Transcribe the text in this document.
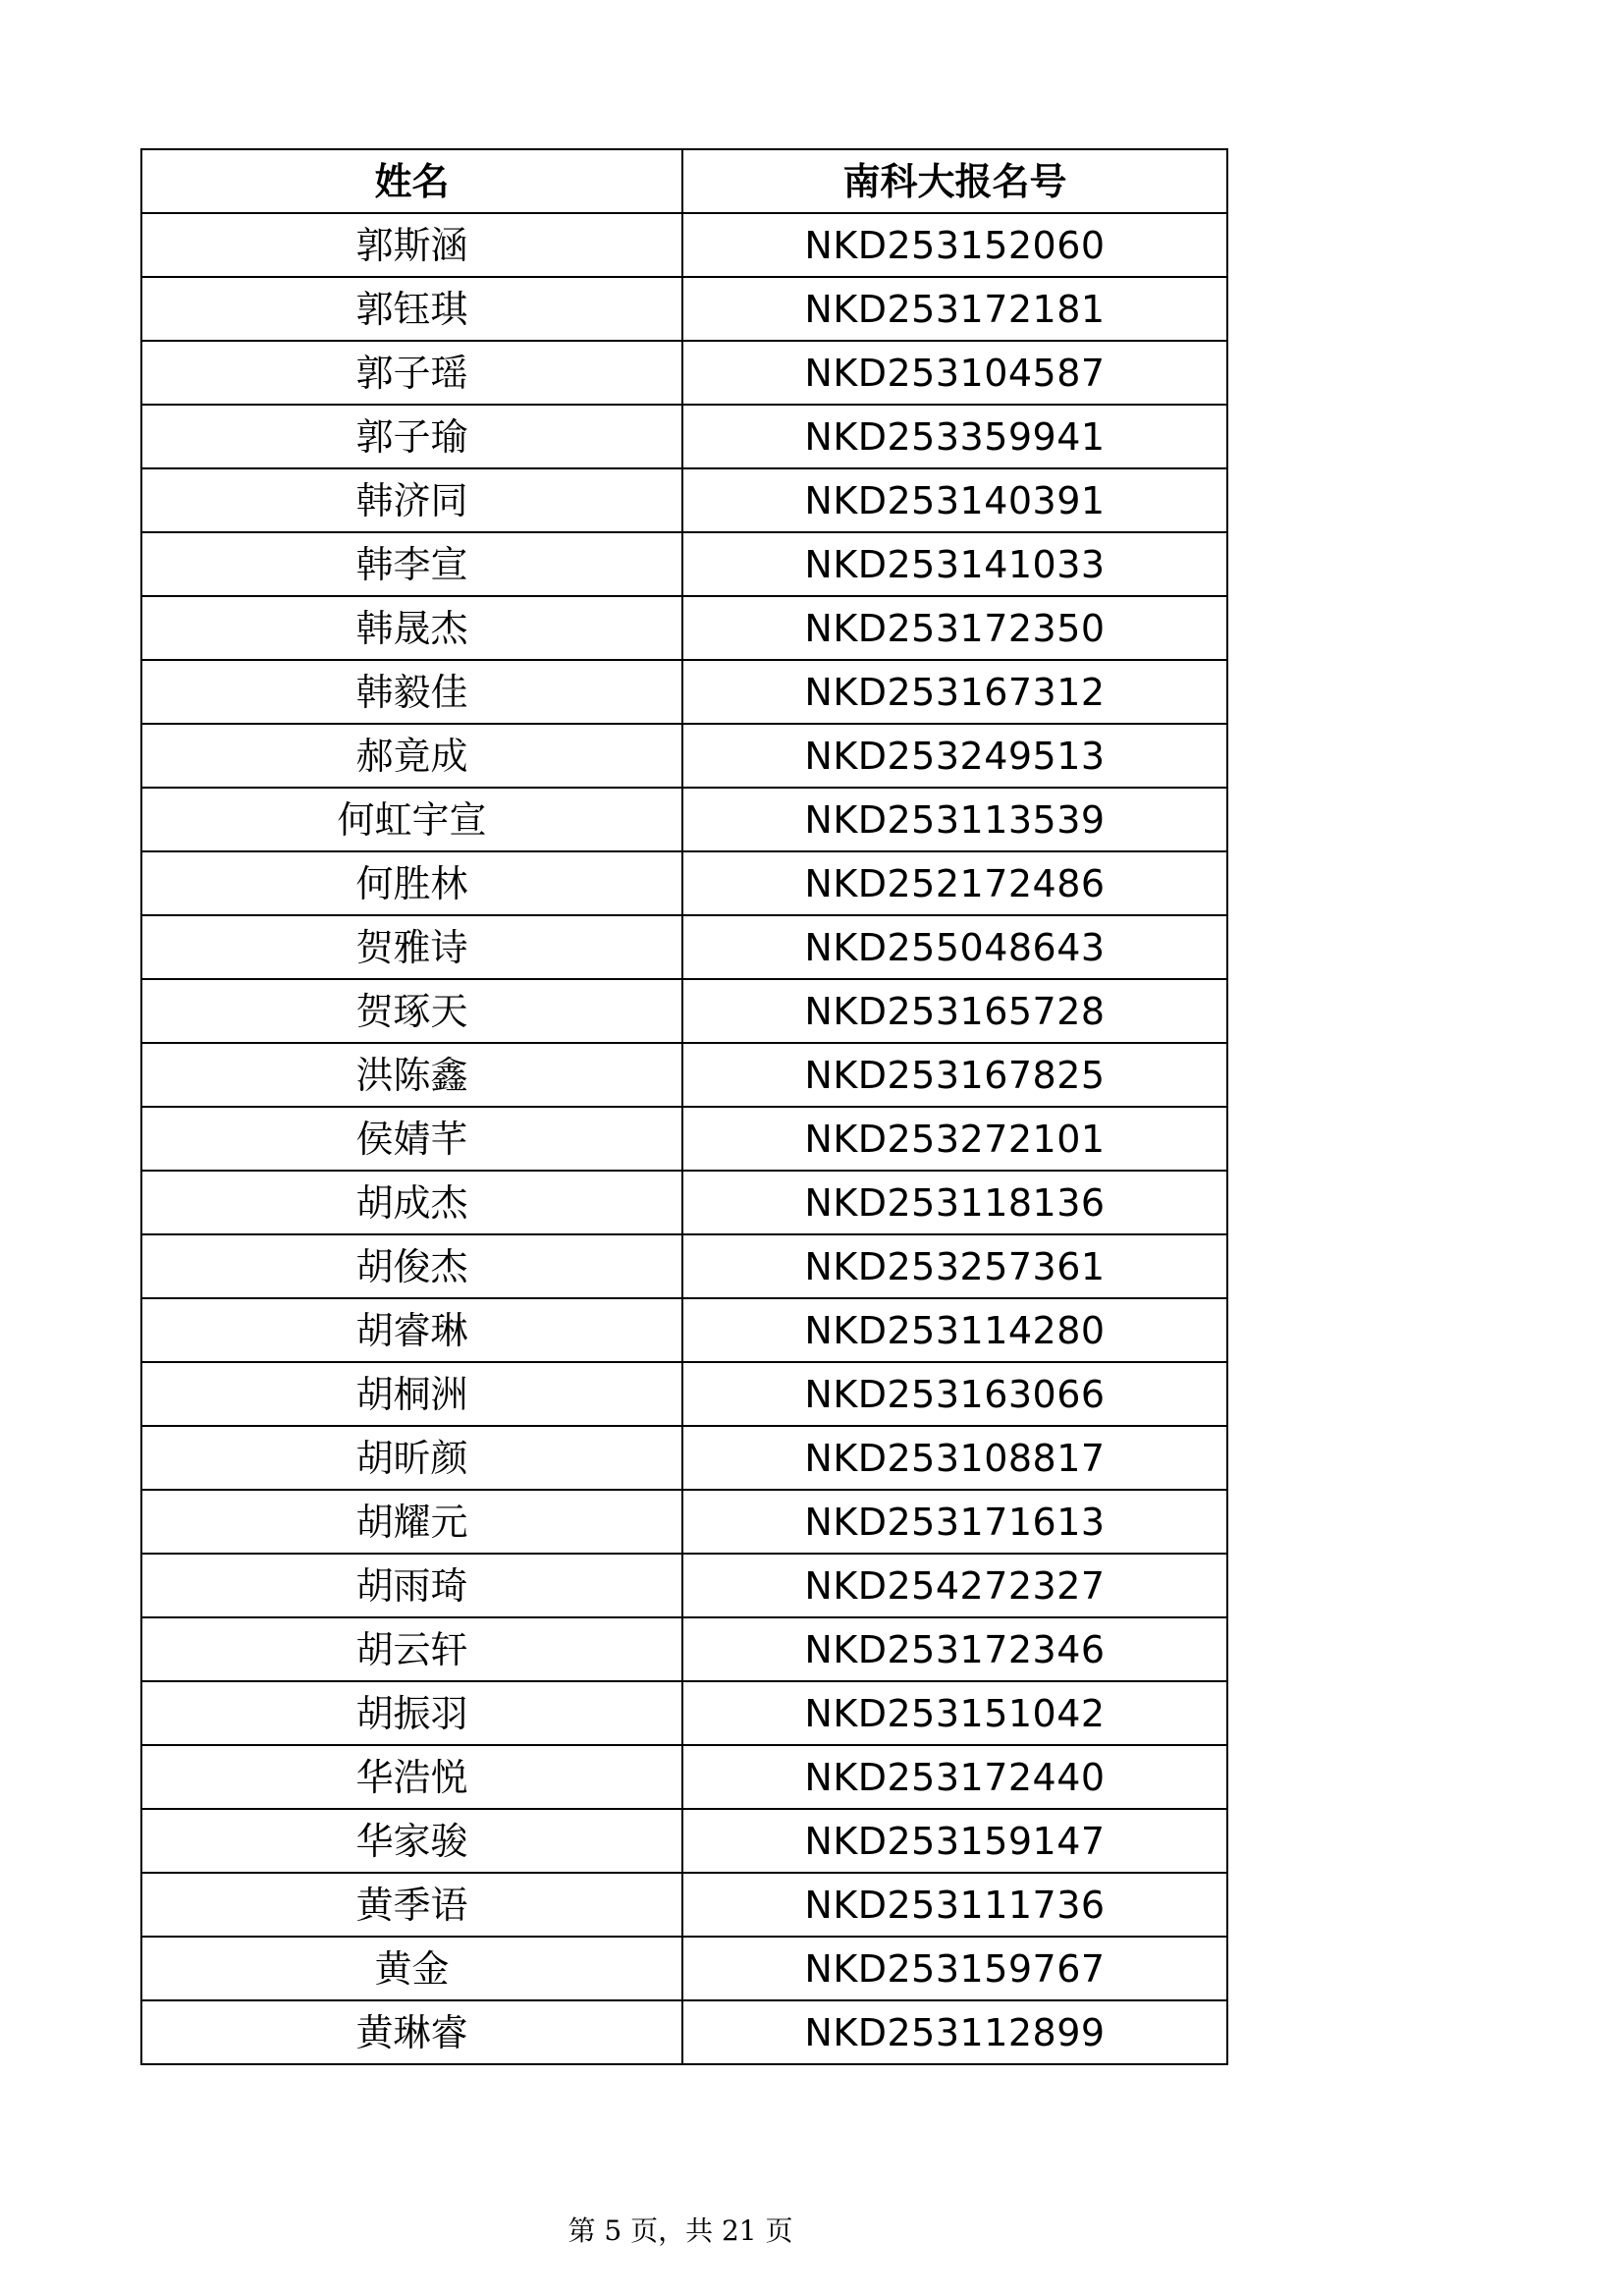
姓名	南科大报名号
郭斯涵	NKD253152060
郭钰琪	NKD253172181
郭子瑶	NKD253104587
郭子瑜	NKD253359941
韩济同	NKD253140391
韩李宣	NKD253141033
韩晟杰	NKD253172350
韩毅佳	NKD253167312
郝竟成	NKD253249513
何虹宇宣	NKD253113539
何胜林	NKD252172486
贺雅诗	NKD255048643
贺琢天	NKD253165728
洪陈鑫	NKD253167825
侯婧芊	NKD253272101
胡成杰	NKD253118136
胡俊杰	NKD253257361
胡睿琳	NKD253114280
胡桐洲	NKD253163066
胡昕颜	NKD253108817
胡耀元	NKD253171613
胡雨琦	NKD254272327
胡云轩	NKD253172346
胡振羽	NKD253151042
华浩悦	NKD253172440
华家骏	NKD253159147
黄季语	NKD253111736
黄金	NKD253159767
黄琳睿	NKD253112899
第 5 页，共 21 页
